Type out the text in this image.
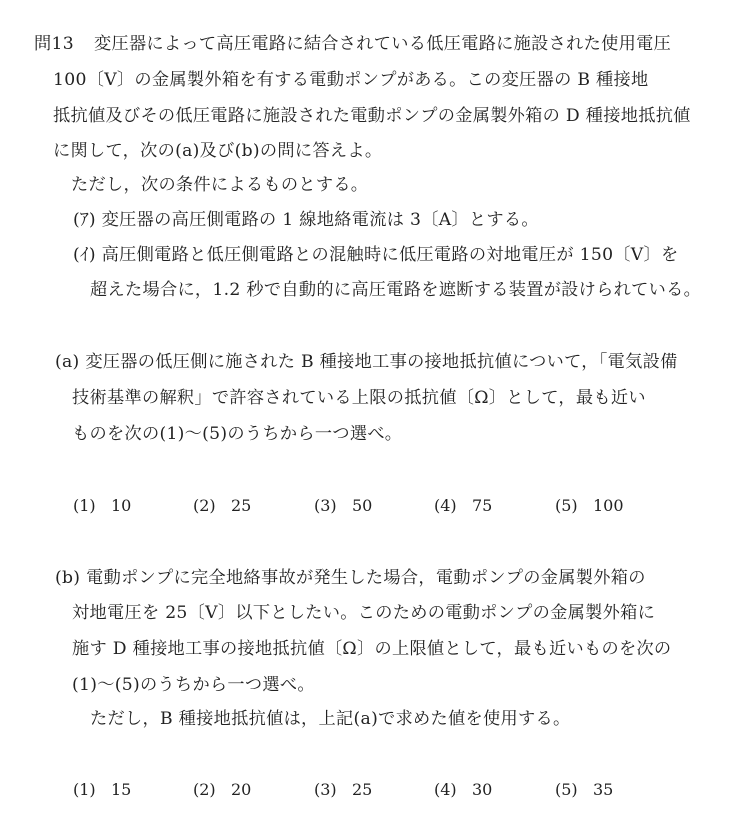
問13 変圧器によって高圧電路に結合されている低圧電路に施設された使用電圧
100〔V〕の金属製外箱を有する電動ポンプがある。この変圧器の B 種接地
抵抗値及びその低圧電路に施設された電動ポンプの金属製外箱の D 種接地抵抗値
に関して，次の(a)及び(b)の問に答えよ。
ただし，次の条件によるものとする。
(ｱ) 変圧器の高圧側電路の 1 線地絡電流は 3〔A〕とする。
(ｲ) 高圧側電路と低圧側電路との混触時に低圧電路の対地電圧が 150〔V〕を
超えた場合に，1.2 秒で自動的に高圧電路を遮断する装置が設けられている。
(a) 変圧器の低圧側に施された B 種接地工事の接地抵抗値について，「電気設備
技術基準の解釈」で許容されている上限の抵抗値〔Ω〕として，最も近い
ものを次の(1)～(5)のうちから一つ選べ。
(1) 10	(2) 25	(3) 50	(4) 75	(5) 100
(b) 電動ポンプに完全地絡事故が発生した場合，電動ポンプの金属製外箱の
対地電圧を 25〔V〕以下としたい。このための電動ポンプの金属製外箱に
施す D 種接地工事の接地抵抗値〔Ω〕の上限値として，最も近いものを次の
(1)～(5)のうちから一つ選べ。
ただし，B 種接地抵抗値は，上記(a)で求めた値を使用する。
(1) 15	(2) 20	(3) 25	(4) 30	(5) 35
